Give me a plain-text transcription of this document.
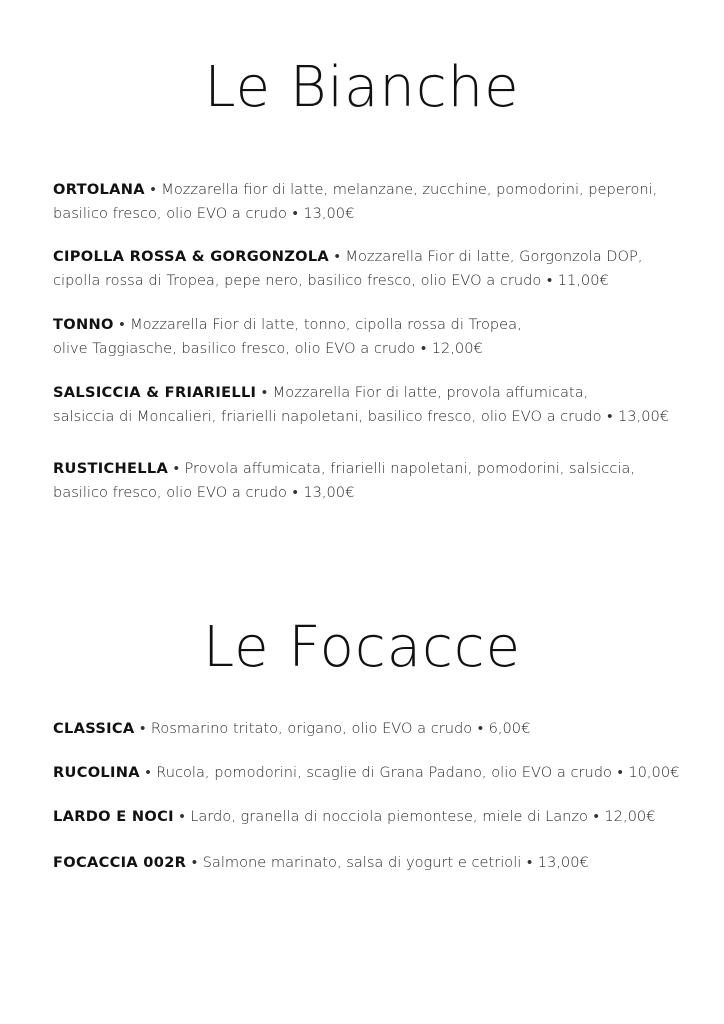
Le Bianche

ORTOLANA • Mozzarella fior di latte, melanzane, zucchine, pomodorini, peperoni,
basilico fresco, olio EVO a crudo • 13,00€

CIPOLLA ROSSA & GORGONZOLA • Mozzarella Fior di latte, Gorgonzola DOP,
cipolla rossa di Tropea, pepe nero, basilico fresco, olio EVO a crudo • 11,00€

TONNO • Mozzarella Fior di latte, tonno, cipolla rossa di Tropea,
olive Taggiasche, basilico fresco, olio EVO a crudo • 12,00€

SALSICCIA & FRIARIELLI • Mozzarella Fior di latte, provola affumicata,
salsiccia di Moncalieri, friarielli napoletani, basilico fresco, olio EVO a crudo • 13,00€

RUSTICHELLA • Provola affumicata, friarielli napoletani, pomodorini, salsiccia,
basilico fresco, olio EVO a crudo • 13,00€

Le Focacce

CLASSICA • Rosmarino tritato, origano, olio EVO a crudo • 6,00€

RUCOLINA • Rucola, pomodorini, scaglie di Grana Padano, olio EVO a crudo • 10,00€

LARDO E NOCI • Lardo, granella di nocciola piemontese, miele di Lanzo • 12,00€

FOCACCIA 002R • Salmone marinato, salsa di yogurt e cetrioli • 13,00€
